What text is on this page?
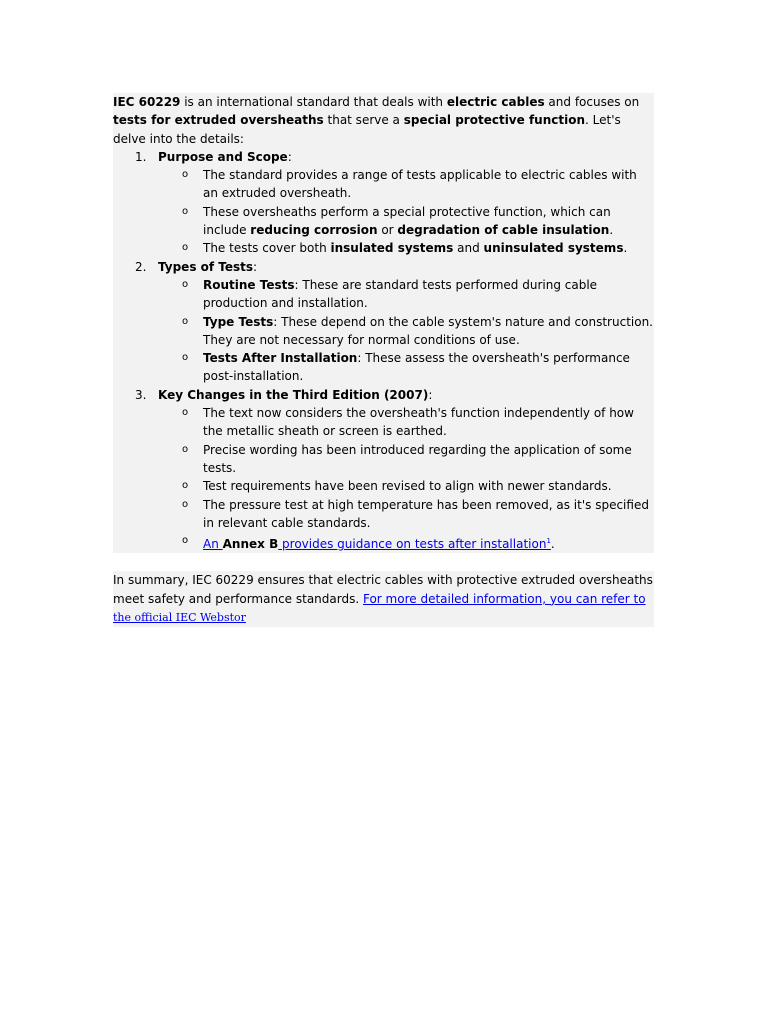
IEC 60229 is an international standard that deals with electric cables and focuses on tests for extruded oversheaths that serve a special protective function. Let's delve into the details:

1. Purpose and Scope:
o The standard provides a range of tests applicable to electric cables with an extruded oversheath.
o These oversheaths perform a special protective function, which can include reducing corrosion or degradation of cable insulation.
o The tests cover both insulated systems and uninsulated systems.
2. Types of Tests:
o Routine Tests: These are standard tests performed during cable production and installation.
o Type Tests: These depend on the cable system's nature and construction. They are not necessary for normal conditions of use.
o Tests After Installation: These assess the oversheath's performance post-installation.
3. Key Changes in the Third Edition (2007):
o The text now considers the oversheath's function independently of how the metallic sheath or screen is earthed.
o Precise wording has been introduced regarding the application of some tests.
o Test requirements have been revised to align with newer standards.
o The pressure test at high temperature has been removed, as it's specified in relevant cable standards.
o An Annex B provides guidance on tests after installation$^1$.

In summary, IEC 60229 ensures that electric cables with protective extruded oversheaths meet safety and performance standards. For more detailed information, you can refer to
the official IEC Webstor
